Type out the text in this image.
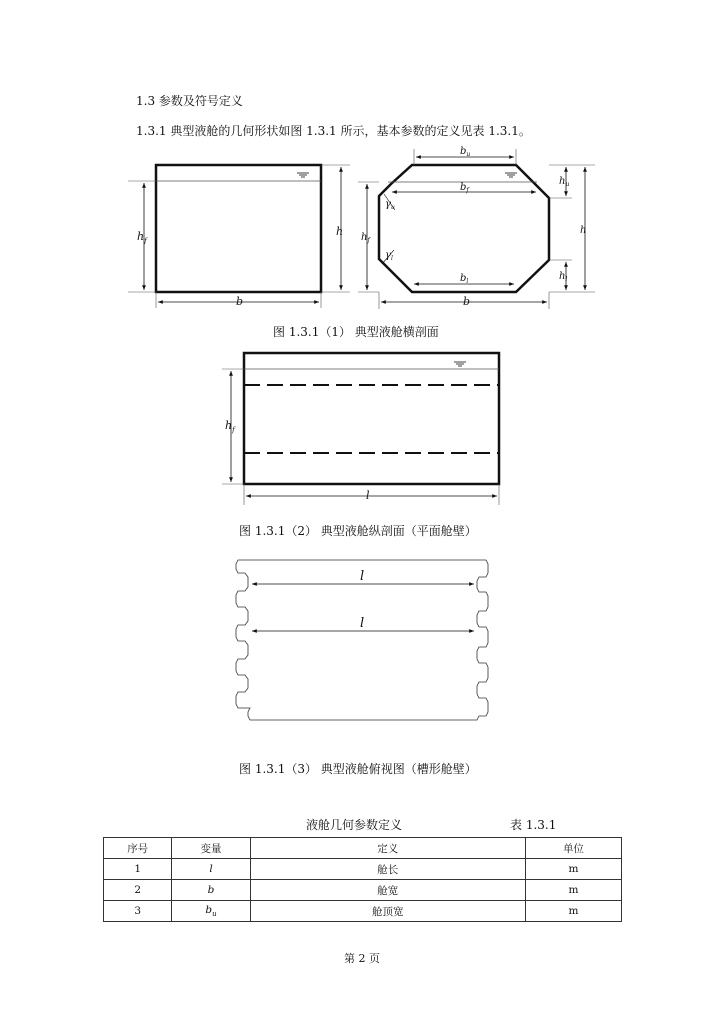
1.3 参数及符号定义
1.3.1 典型液舱的几何形状如图 1.3.1 所示，基本参数的定义见表 1.3.1。
$h_f$
h
b
$b_u$
$b_f$
$\gamma_u$
$\gamma_l$
$b_l$
$h_f$
$h_u$
$h_l$
h
b
图 1.3.1（1） 典型液舱横剖面
$h_f$
l
图 1.3.1（2） 典型液舱纵剖面（平面舱壁）
l
l
图 1.3.1（3） 典型液舱俯视图（槽形舱壁）
液舱几何参数定义	表 1.3.1
序号	变量	定义	单位
1	l	舱长	m
2	b	舱宽	m
3	$b_u$	舱顶宽	m
第 2 页
